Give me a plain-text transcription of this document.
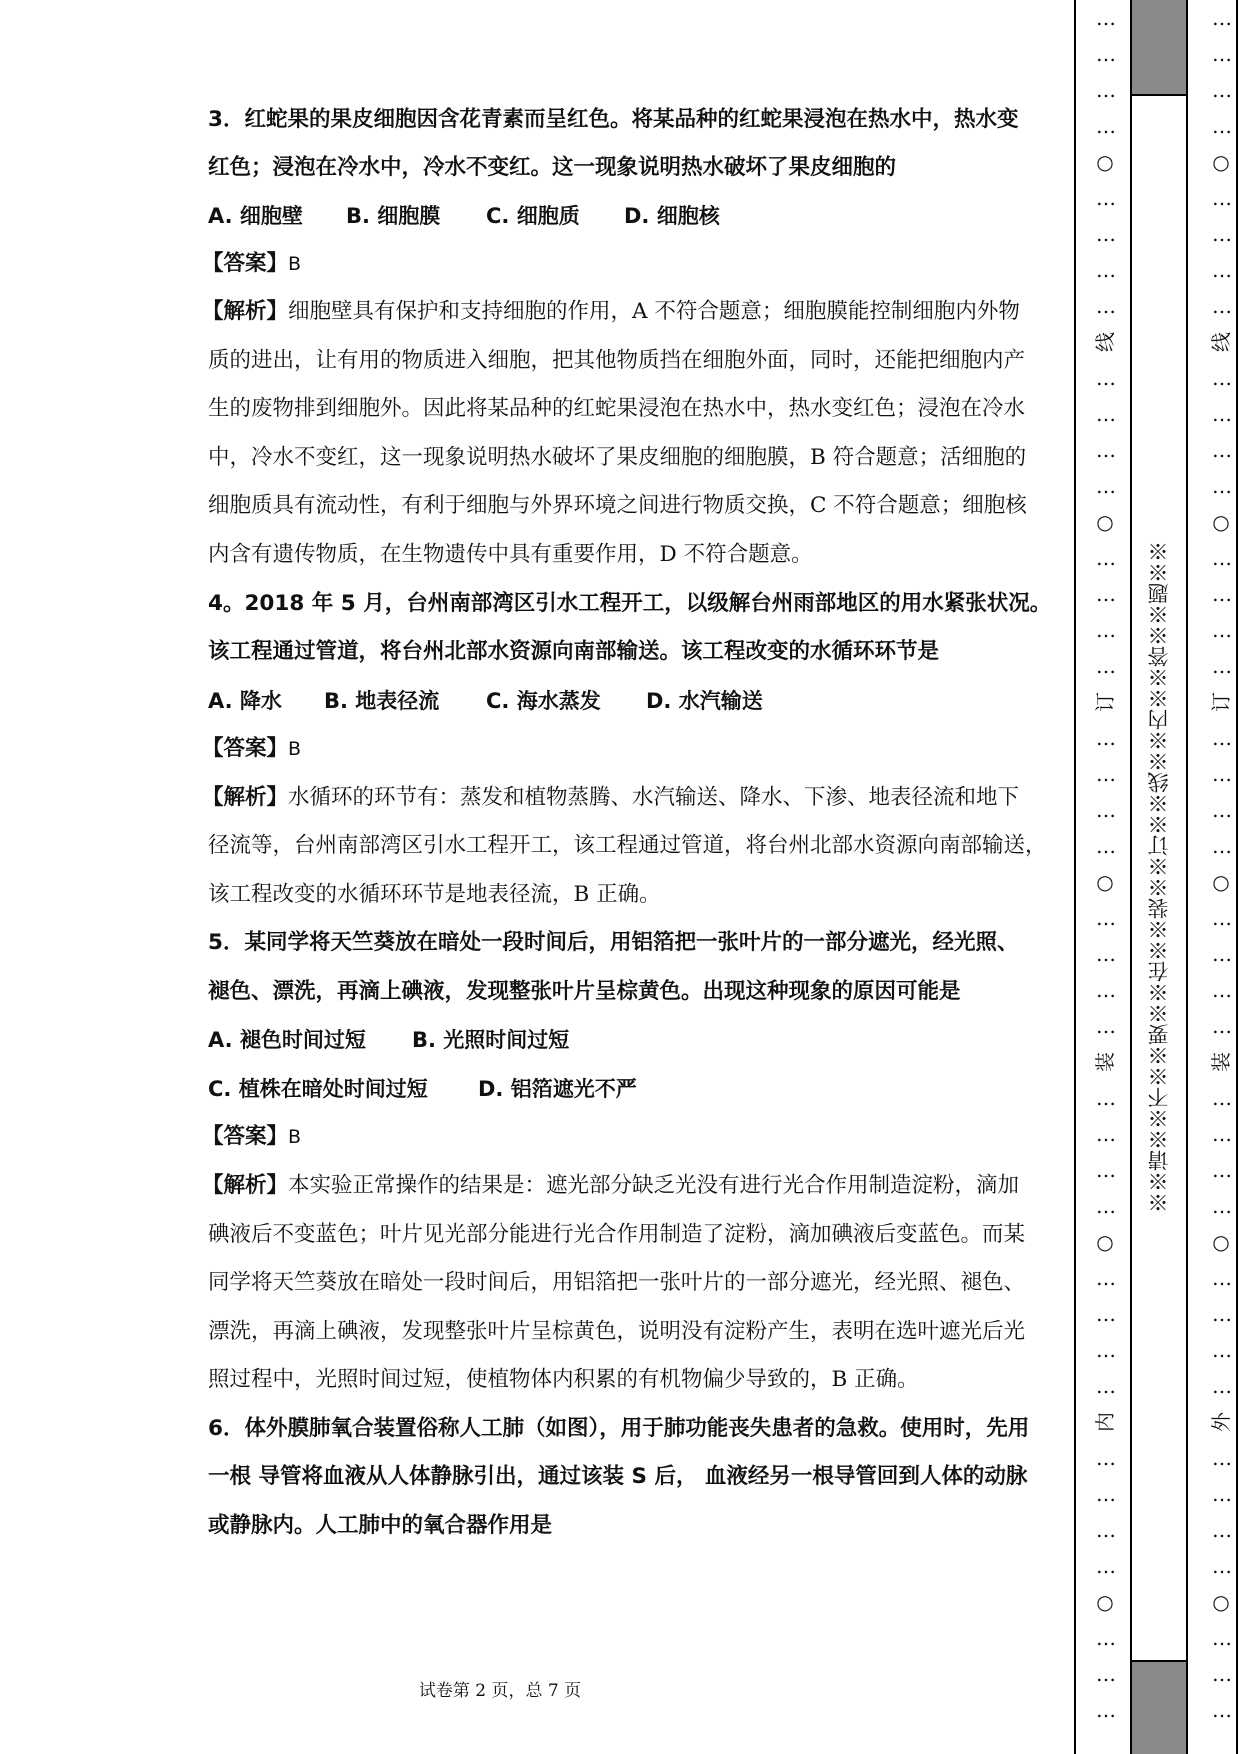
3．红蛇果的果皮细胞因含花青素而呈红色。将某品种的红蛇果浸泡在热水中，热水变
红色；浸泡在冷水中，冷水不变红。这一现象说明热水破坏了果皮细胞的
A. 细胞壁 B. 细胞膜 C. 细胞质 D. 细胞核
【答案】B
【解析】细胞壁具有保护和支持细胞的作用，A 不符合题意；细胞膜能控制细胞内外物
质的进出，让有用的物质进入细胞，把其他物质挡在细胞外面，同时，还能把细胞内产
生的废物排到细胞外。因此将某品种的红蛇果浸泡在热水中，热水变红色；浸泡在冷水
中，冷水不变红，这一现象说明热水破坏了果皮细胞的细胞膜，B 符合题意；活细胞的
细胞质具有流动性，有利于细胞与外界环境之间进行物质交换，C 不符合题意；细胞核
内含有遗传物质，在生物遗传中具有重要作用，D 不符合题意。
4。2018 年 5 月，台州南部湾区引水工程开工，以级解台州雨部地区的用水紧张状况。
该工程通过管道，将台州北部水资源向南部输送。该工程改变的水循环环节是
A. 降水 B. 地表径流 C. 海水蒸发 D. 水汽输送
【答案】B
【解析】水循环的环节有：蒸发和植物蒸腾、水汽输送、降水、下渗、地表径流和地下
径流等，台州南部湾区引水工程开工，该工程通过管道，将台州北部水资源向南部输送，
该工程改变的水循环环节是地表径流，B 正确。
5．某同学将天竺葵放在暗处一段时间后，用铝箔把一张叶片的一部分遮光，经光照、
褪色、漂洗，再滴上碘液，发现整张叶片呈棕黄色。出现这种现象的原因可能是
A. 褪色时间过短 B. 光照时间过短
C. 植株在暗处时间过短 D. 铝箔遮光不严
【答案】B
【解析】本实验正常操作的结果是：遮光部分缺乏光没有进行光合作用制造淀粉，滴加
碘液后不变蓝色；叶片见光部分能进行光合作用制造了淀粉，滴加碘液后变蓝色。而某
同学将天竺葵放在暗处一段时间后，用铝箔把一张叶片的一部分遮光，经光照、褪色、
漂洗，再滴上碘液，发现整张叶片呈棕黄色，说明没有淀粉产生，表明在选叶遮光后光
照过程中，光照时间过短，使植物体内积累的有机物偏少导致的，B 正确。
6．体外膜肺氧合装置俗称人工肺（如图），用于肺功能丧失患者的急救。使用时，先用
一根 导管将血液从人体静脉引出，通过该装 S 后， 血液经另一根导管回到人体的动脉
或静脉内。人工肺中的氧合器作用是
试卷第 2 页，总 7 页
※※请※※不※※要※※在※※装※※订※※线※※内※※答※※题※※
…
…
…
…
…
…
…
…
…
…
…
…
…
…
…
…
…
…
…
…
…
…
…
…
…
…
…
…
…
…
…
…
…
…
…
…
…
…
…
○
○
○
○
○
线
订
装
内
…
…
…
…
…
…
…
…
…
…
…
…
…
…
…
…
…
…
…
…
…
…
…
…
…
…
…
…
…
…
…
…
…
…
…
…
…
…
…
○
○
○
○
○
线
订
装
外
